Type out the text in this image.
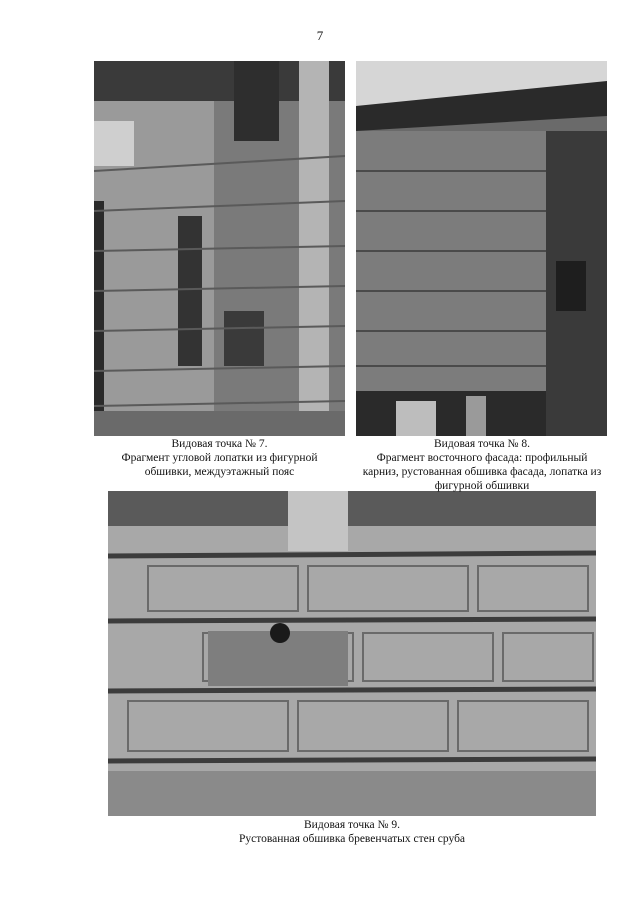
7
Видовая точка № 7.
Фрагмент угловой лопатки из фигурной
обшивки, междуэтажный пояс
Видовая точка № 8.
Фрагмент восточного фасада: профильный
карниз, рустованная обшивка фасада, лопатка из
фигурной обшивки
Видовая точка № 9.
Рустованная обшивка бревенчатых стен сруба
